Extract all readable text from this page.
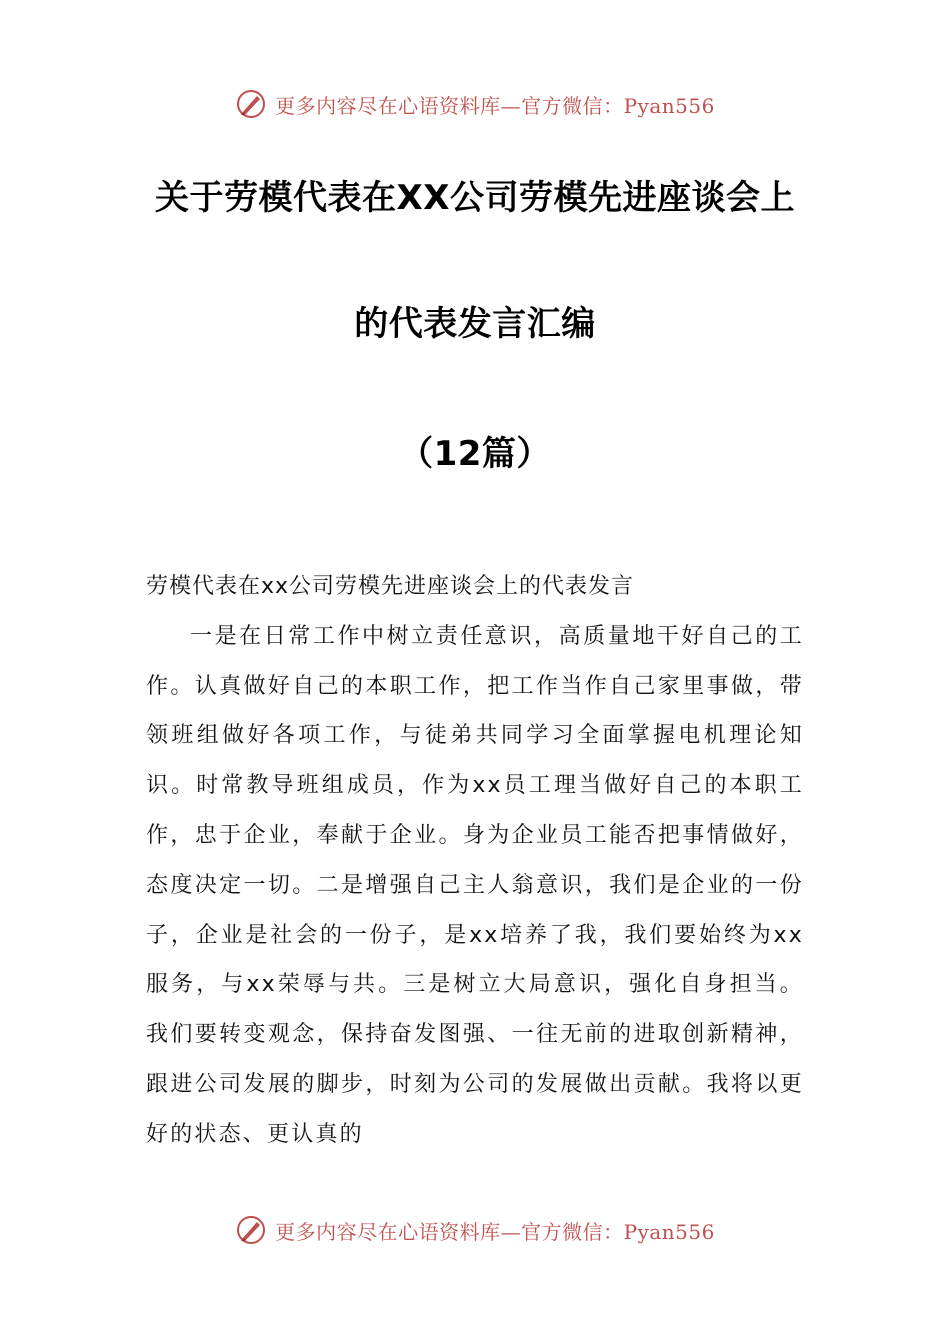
更多内容尽在心语资料库—官方微信：Pyan556
关于劳模代表在XX公司劳模先进座谈会上
的代表发言汇编
（12篇）

劳模代表在xx公司劳模先进座谈会上的代表发言

一是在日常工作中树立责任意识，高质量地干好自己的工作。认真做好自己的本职工作，把工作当作自己家里事做，带领班组做好各项工作，与徒弟共同学习全面掌握电机理论知识。时常教导班组成员，作为xx员工理当做好自己的本职工作，忠于企业，奉献于企业。身为企业员工能否把事情做好，态度决定一切。二是增强自己主人翁意识，我们是企业的一份子，企业是社会的一份子，是xx培养了我，我们要始终为xx服务，与xx荣辱与共。三是树立大局意识，强化自身担当。我们要转变观念，保持奋发图强、一往无前的进取创新精神，跟进公司发展的脚步，时刻为公司的发展做出贡献。我将以更好的状态、更认真的

更多内容尽在心语资料库—官方微信：Pyan556
